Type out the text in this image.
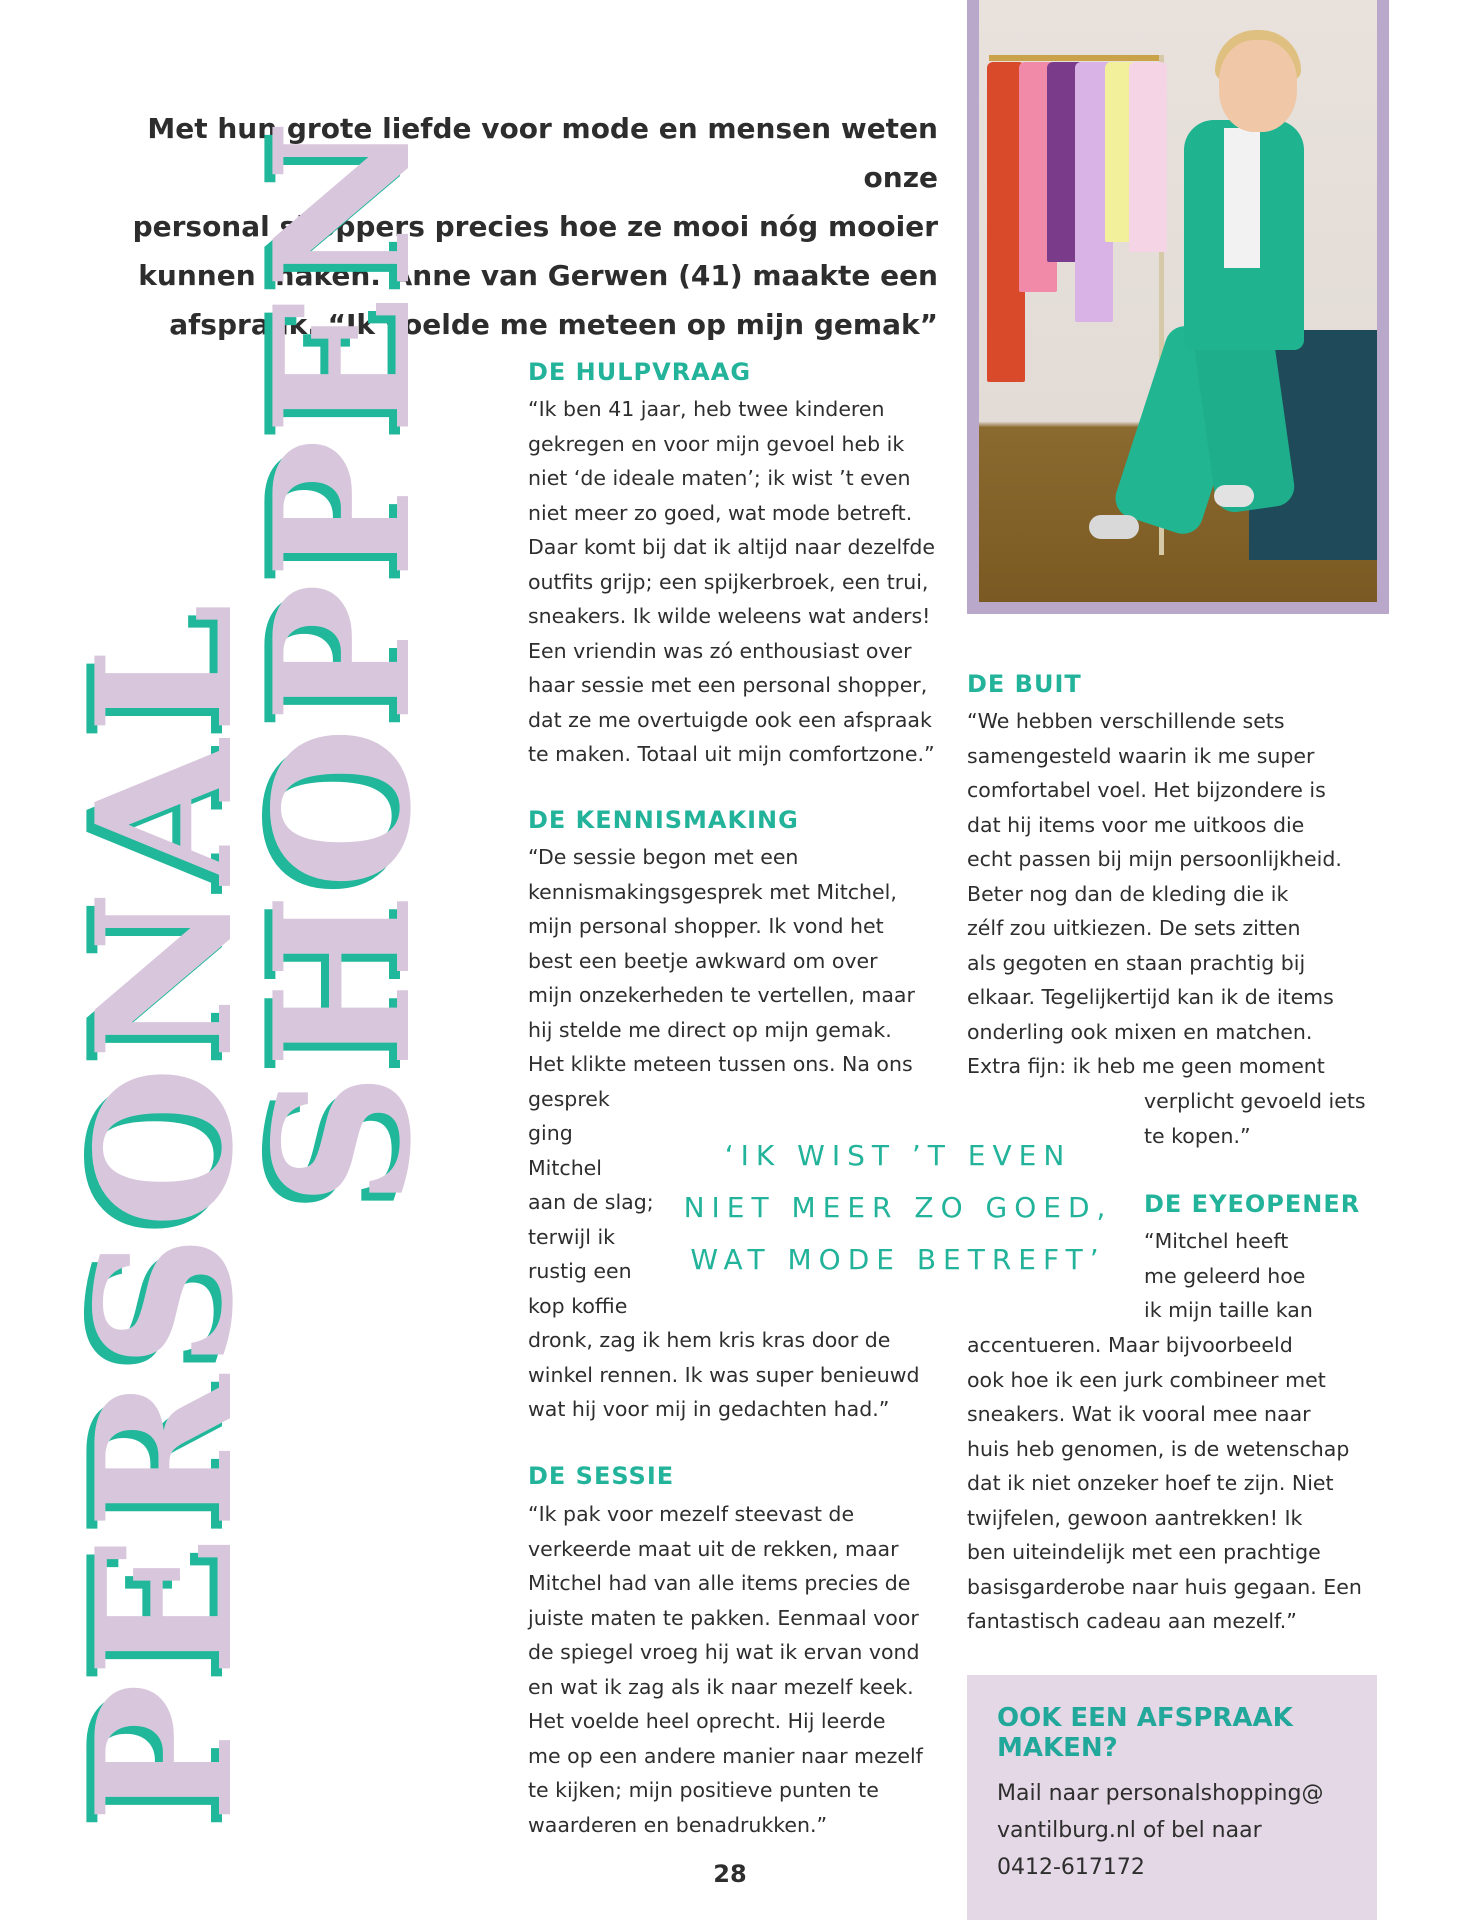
Met hun grote liefde voor mode en mensen weten onze
personal shoppers precies hoe ze mooi nóg mooier
kunnen maken. Anne van Gerwen (41) maakte een
afspraak. “Ik voelde me meteen op mijn gemak”
PERSONAL
SHOPPEN	DE HULPVRAAG
“Ik ben 41 jaar, heb twee kinderen
gekregen en voor mijn gevoel heb ik
niet ‘de ideale maten’; ik wist ’t even
niet meer zo goed, wat mode betreft.
Daar komt bij dat ik altijd naar dezelfde
outfits grijp; een spijkerbroek, een trui,
sneakers. Ik wilde weleens wat anders!
Een vriendin was zó enthousiast over
haar sessie met een personal shopper,
dat ze me overtuigde ook een afspraak
te maken. Totaal uit mijn comfortzone.”
DE KENNISMAKING
“De sessie begon met een
kennismakingsgesprek met Mitchel,
mijn personal shopper. Ik vond het
best een beetje awkward om over
mijn onzekerheden te vertellen, maar
hij stelde me direct op mijn gemak.
Het klikte meteen tussen ons. Na ons
gesprek
ging
Mitchel
aan de slag;
terwijl ik
rustig een
kop koffie
dronk, zag ik hem kris kras door de
winkel rennen. Ik was super benieuwd
wat hij voor mij in gedachten had.”
DE SESSIE
“Ik pak voor mezelf steevast de
verkeerde maat uit de rekken, maar
Mitchel had van alle items precies de
juiste maten te pakken. Eenmaal voor
de spiegel vroeg hij wat ik ervan vond
en wat ik zag als ik naar mezelf keek.
Het voelde heel oprecht. Hij leerde
me op een andere manier naar mezelf
te kijken; mijn positieve punten te
waarderen en benadrukken.”
DE BUIT
“We hebben verschillende sets
samengesteld waarin ik me super
comfortabel voel. Het bijzondere is
dat hij items voor me uitkoos die
echt passen bij mijn persoonlijkheid.
Beter nog dan de kleding die ik
zélf zou uitkiezen. De sets zitten
als gegoten en staan prachtig bij
elkaar. Tegelijkertijd kan ik de items
onderling ook mixen en matchen.
Extra fijn: ik heb me geen moment
verplicht gevoeld iets
te kopen.”
‘IK WIST ’T EVEN
NIET MEER ZO GOED,
WAT MODE BETREFT’
DE EYEOPENER
“Mitchel heeft
me geleerd hoe
ik mijn taille kan
accentueren. Maar bijvoorbeeld
ook hoe ik een jurk combineer met
sneakers. Wat ik vooral mee naar
huis heb genomen, is de wetenschap
dat ik niet onzeker hoef te zijn. Niet
twijfelen, gewoon aantrekken! Ik
ben uiteindelijk met een prachtige
basisgarderobe naar huis gegaan. Een
fantastisch cadeau aan mezelf.”
OOK EEN AFSPRAAK MAKEN?
Mail naar personalshopping@
vantilburg.nl of bel naar
0412-617172
28
